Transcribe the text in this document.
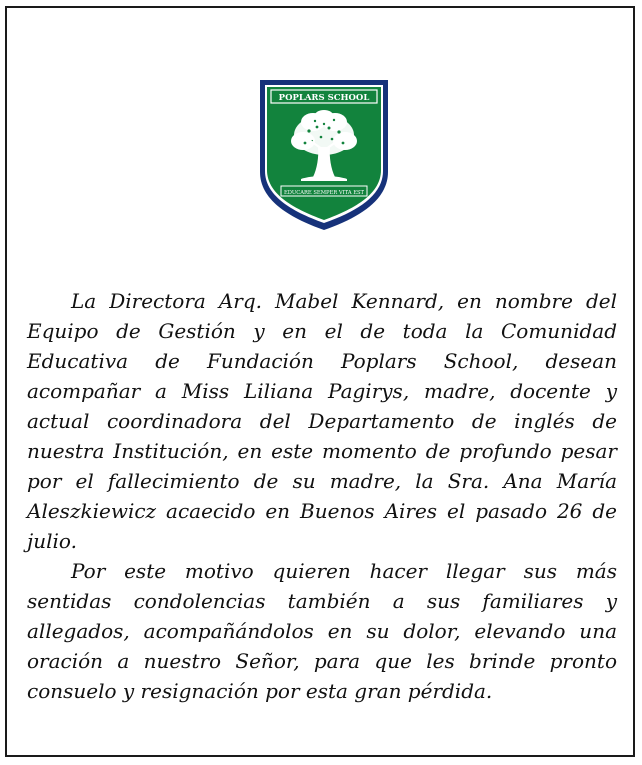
POPLARS SCHOOL
EDUCARE SEMPER VITA EST

La Directora Arq. Mabel Kennard, en nombre del Equipo de Gestión y en el de toda la Comunidad Educativa de Fundación Poplars School, desean acompañar a Miss Liliana Pagirys, madre, docente y actual coordinadora del Departamento de inglés de nuestra Institución, en este momento de profundo pesar por el fallecimiento de su madre, la Sra. Ana María Aleszkiewicz acaecido en Buenos Aires el pasado 26 de julio.

Por este motivo quieren hacer llegar sus más sentidas condolencias también a sus familiares y allegados, acompañándolos en su dolor, elevando una oración a nuestro Señor, para que les brinde pronto consuelo y resignación por esta gran pérdida.
